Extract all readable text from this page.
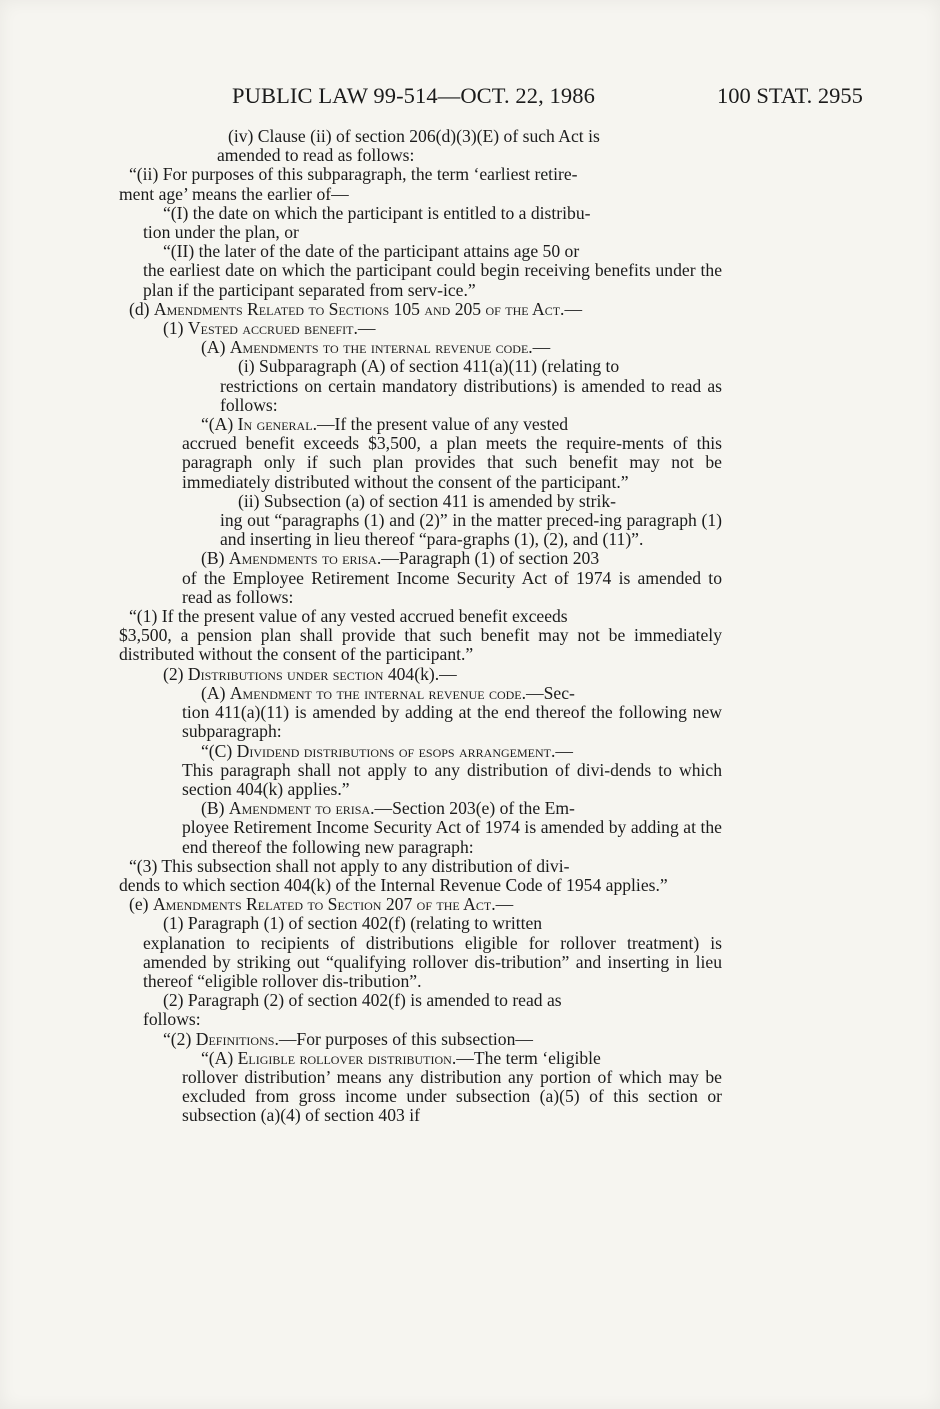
PUBLIC LAW 99-514—OCT. 22, 1986	100 STAT. 2955

(iv) Clause (ii) of section 206(d)(3)(E) of such Act is

amended to read as follows:

“(ii) For purposes of this subparagraph, the term ‘earliest retire-

ment age’ means the earlier of—

“(I) the date on which the participant is entitled to a distribu-

tion under the plan, or

“(II) the later of the date of the participant attains age 50 or

the earliest date on which the participant could begin receiving benefits under the plan if the participant separated from serv-ice.”

(d) Amendments Related to Sections 105 and 205 of the Act.—

(1) Vested accrued benefit.—

(A) Amendments to the internal revenue code.—

(i) Subparagraph (A) of section 411(a)(11) (relating to

restrictions on certain mandatory distributions) is amended to read as follows:

“(A) In general.—If the present value of any vested

accrued benefit exceeds $3,500, a plan meets the require-ments of this paragraph only if such plan provides that such benefit may not be immediately distributed without the consent of the participant.”

(ii) Subsection (a) of section 411 is amended by strik-

ing out “paragraphs (1) and (2)” in the matter preced-ing paragraph (1) and inserting in lieu thereof “para-graphs (1), (2), and (11)”.

(B) Amendments to erisa.—Paragraph (1) of section 203

of the Employee Retirement Income Security Act of 1974 is amended to read as follows:

“(1) If the present value of any vested accrued benefit exceeds

$3,500, a pension plan shall provide that such benefit may not be immediately distributed without the consent of the participant.”

(2) Distributions under section 404(k).—

(A) Amendment to the internal revenue code.—Sec-

tion 411(a)(11) is amended by adding at the end thereof the following new subparagraph:

“(C) Dividend distributions of esops arrangement.—

This paragraph shall not apply to any distribution of divi-dends to which section 404(k) applies.”

(B) Amendment to erisa.—Section 203(e) of the Em-

ployee Retirement Income Security Act of 1974 is amended by adding at the end thereof the following new paragraph:

“(3) This subsection shall not apply to any distribution of divi-

dends to which section 404(k) of the Internal Revenue Code of 1954 applies.”

(e) Amendments Related to Section 207 of the Act.—

(1) Paragraph (1) of section 402(f) (relating to written

explanation to recipients of distributions eligible for rollover treatment) is amended by striking out “qualifying rollover dis-tribution” and inserting in lieu thereof “eligible rollover dis-tribution”.

(2) Paragraph (2) of section 402(f) is amended to read as

follows:

“(2) Definitions.—For purposes of this subsection—

“(A) Eligible rollover distribution.—The term ‘eligible

rollover distribution’ means any distribution any portion of which may be excluded from gross income under subsection (a)(5) of this section or subsection (a)(4) of section 403 if
